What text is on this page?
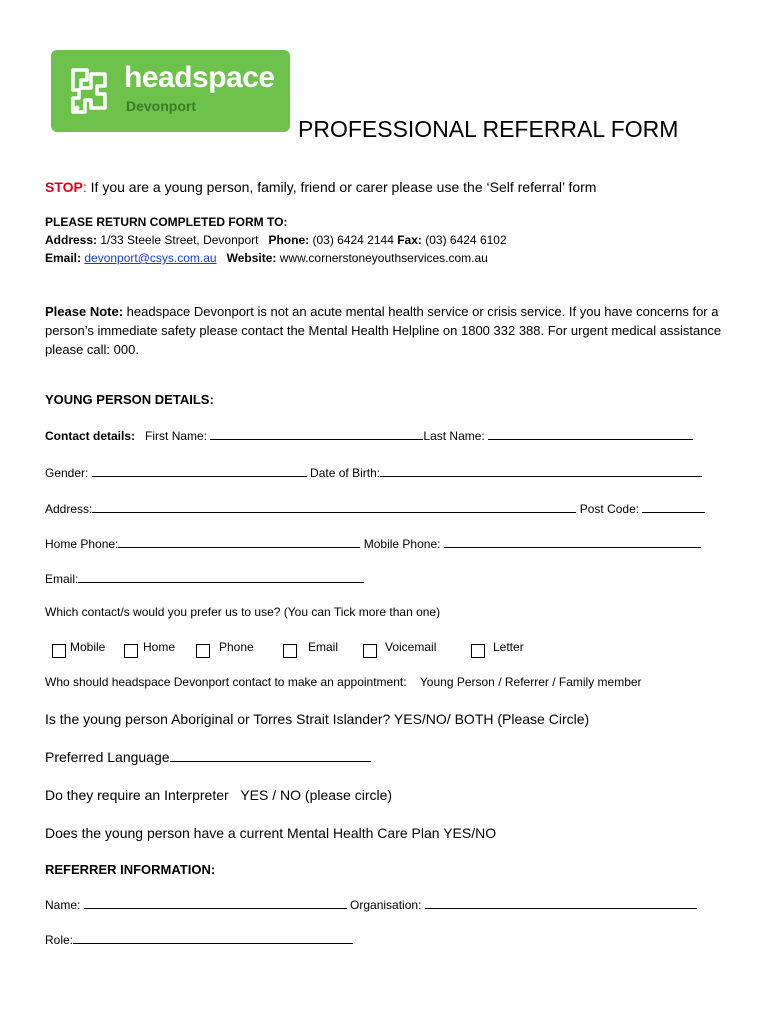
headspace
Devonport
PROFESSIONAL REFERRAL FORM
STOP: If you are a young person, family, friend or carer please use the ‘Self referral’ form
PLEASE RETURN COMPLETED FORM TO:
Address: 1/33 Steele Street, Devonport Phone: (03) 6424 2144 Fax: (03) 6424 6102
Email: devonport@csys.com.au Website: www.cornerstoneyouthservices.com.au
Please Note: headspace Devonport is not an acute mental health service or crisis service. If you have concerns for a person’s immediate safety please contact the Mental Health Helpline on 1800 332 388. For urgent medical assistance please call: 000.
YOUNG PERSON DETAILS:
Contact details: First Name:	Last Name:
Gender:	Date of Birth:
Address:	Post Code:
Home Phone:	Mobile Phone:
Email:
Which contact/s would you prefer us to use? (You can Tick more than one)
Mobile	Home	Phone	Email	Voicemail	Letter
Who should headspace Devonport contact to make an appointment: Young Person / Referrer / Family member
Is the young person Aboriginal or Torres Strait Islander? YES/NO/ BOTH (Please Circle)
Preferred Language
Do they require an Interpreter YES / NO (please circle)
Does the young person have a current Mental Health Care Plan YES/NO
REFERRER INFORMATION:
Name:	Organisation:
Role:
